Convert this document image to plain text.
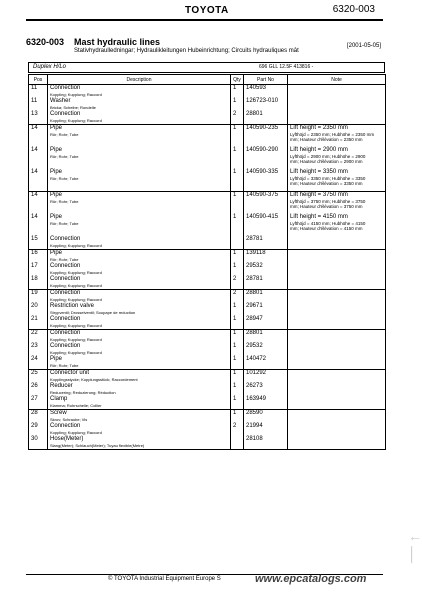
TOYOTA	6320-003
6320-003 Mast hydraulic lines
Stativhydraulledningar; Hydraulikleitungen Hubeinrichtung; Circuits hydrauliques mât
[2001-05-05]
Duplex H/Lo	696 GLL 12.5F 413816 -
Pos	Description	Qty	Part No	Note

11	Connection
Koppling; Kupplung; Raccord	1	140593	

11	Washer
Bricka; Scheibe; Rondelle	1	126723-010	

13	Connection
Koppling; Kupplung; Raccord	2	28801	

14	Pipe
Rör; Rohr; Tube	1	140590-235	Lift height = 2350 mm
Lyfthöjd = 2350 mm; Hubhöhe = 2350 mm
mm; Hauteur d'élévation = 2350 mm

14	Pipe
Rör; Rohr; Tube	1	140590-290	Lift height = 2900 mm
Lyfthöjd = 2900 mm; Hubhöhe = 2900
mm; Hauteur d'élévation = 2900 mm

14	Pipe
Rör; Rohr; Tube	1	140590-335	Lift height = 3350 mm
Lyfthöjd = 3350 mm; Hubhöhe = 3350
mm; Hauteur d'élévation = 3350 mm

14	Pipe
Rör; Rohr; Tube	1	140590-375	Lift height = 3750 mm
Lyfthöjd = 3750 mm; Hubhöhe = 3750
mm; Hauteur d'élévation = 3750 mm

14	Pipe
Rör; Rohr; Tube	1	140590-415	Lift height = 4150 mm
Lyfthöjd = 4150 mm; Hubhöhe = 4150
mm; Hauteur d'élévation = 4150 mm

15	Connection
Koppling; Kupplung; Raccord		28781	

16	Pipe
Rör; Rohr; Tube	1	139118	

17	Connection
Koppling; Kupplung; Raccord	1	29532	

18	Connection
Koppling; Kupplung; Raccord	2	28781	

19	Connection
Koppling; Kupplung; Raccord	2	28801	

20	Restriction valve
Strypventil; Drosselventil; Soupape de reduction	1	29671	

21	Connection
Koppling; Kupplung; Raccord	1	28947	

22	Connection
Koppling; Kupplung; Raccord	1	28801	

23	Connection
Koppling; Kupplung; Raccord	1	29532	

24	Pipe
Rör; Rohr; Tube	1	140472	

25	Connector unit
Kopplingsstycke; Kupplungsstück; Raccordement	1	101292	

26	Reducer
Reducering; Reduzierung; Réduction	1	26273	

27	Clamp
Klamma; Rohrschelle; Collier	1	163949	

28	Screw
Skruv; Schraube; Vis	1	28590	

29	Connection
Koppling; Kupplung; Raccord	2	21994	

30	Hose(Meter)
Slang(Meter); Schlauch(Meter); Tuyau flexible(Metre)		28108	

© TOYOTA Industrial Equipment Europe S	www.epcatalogs.com
←
│
